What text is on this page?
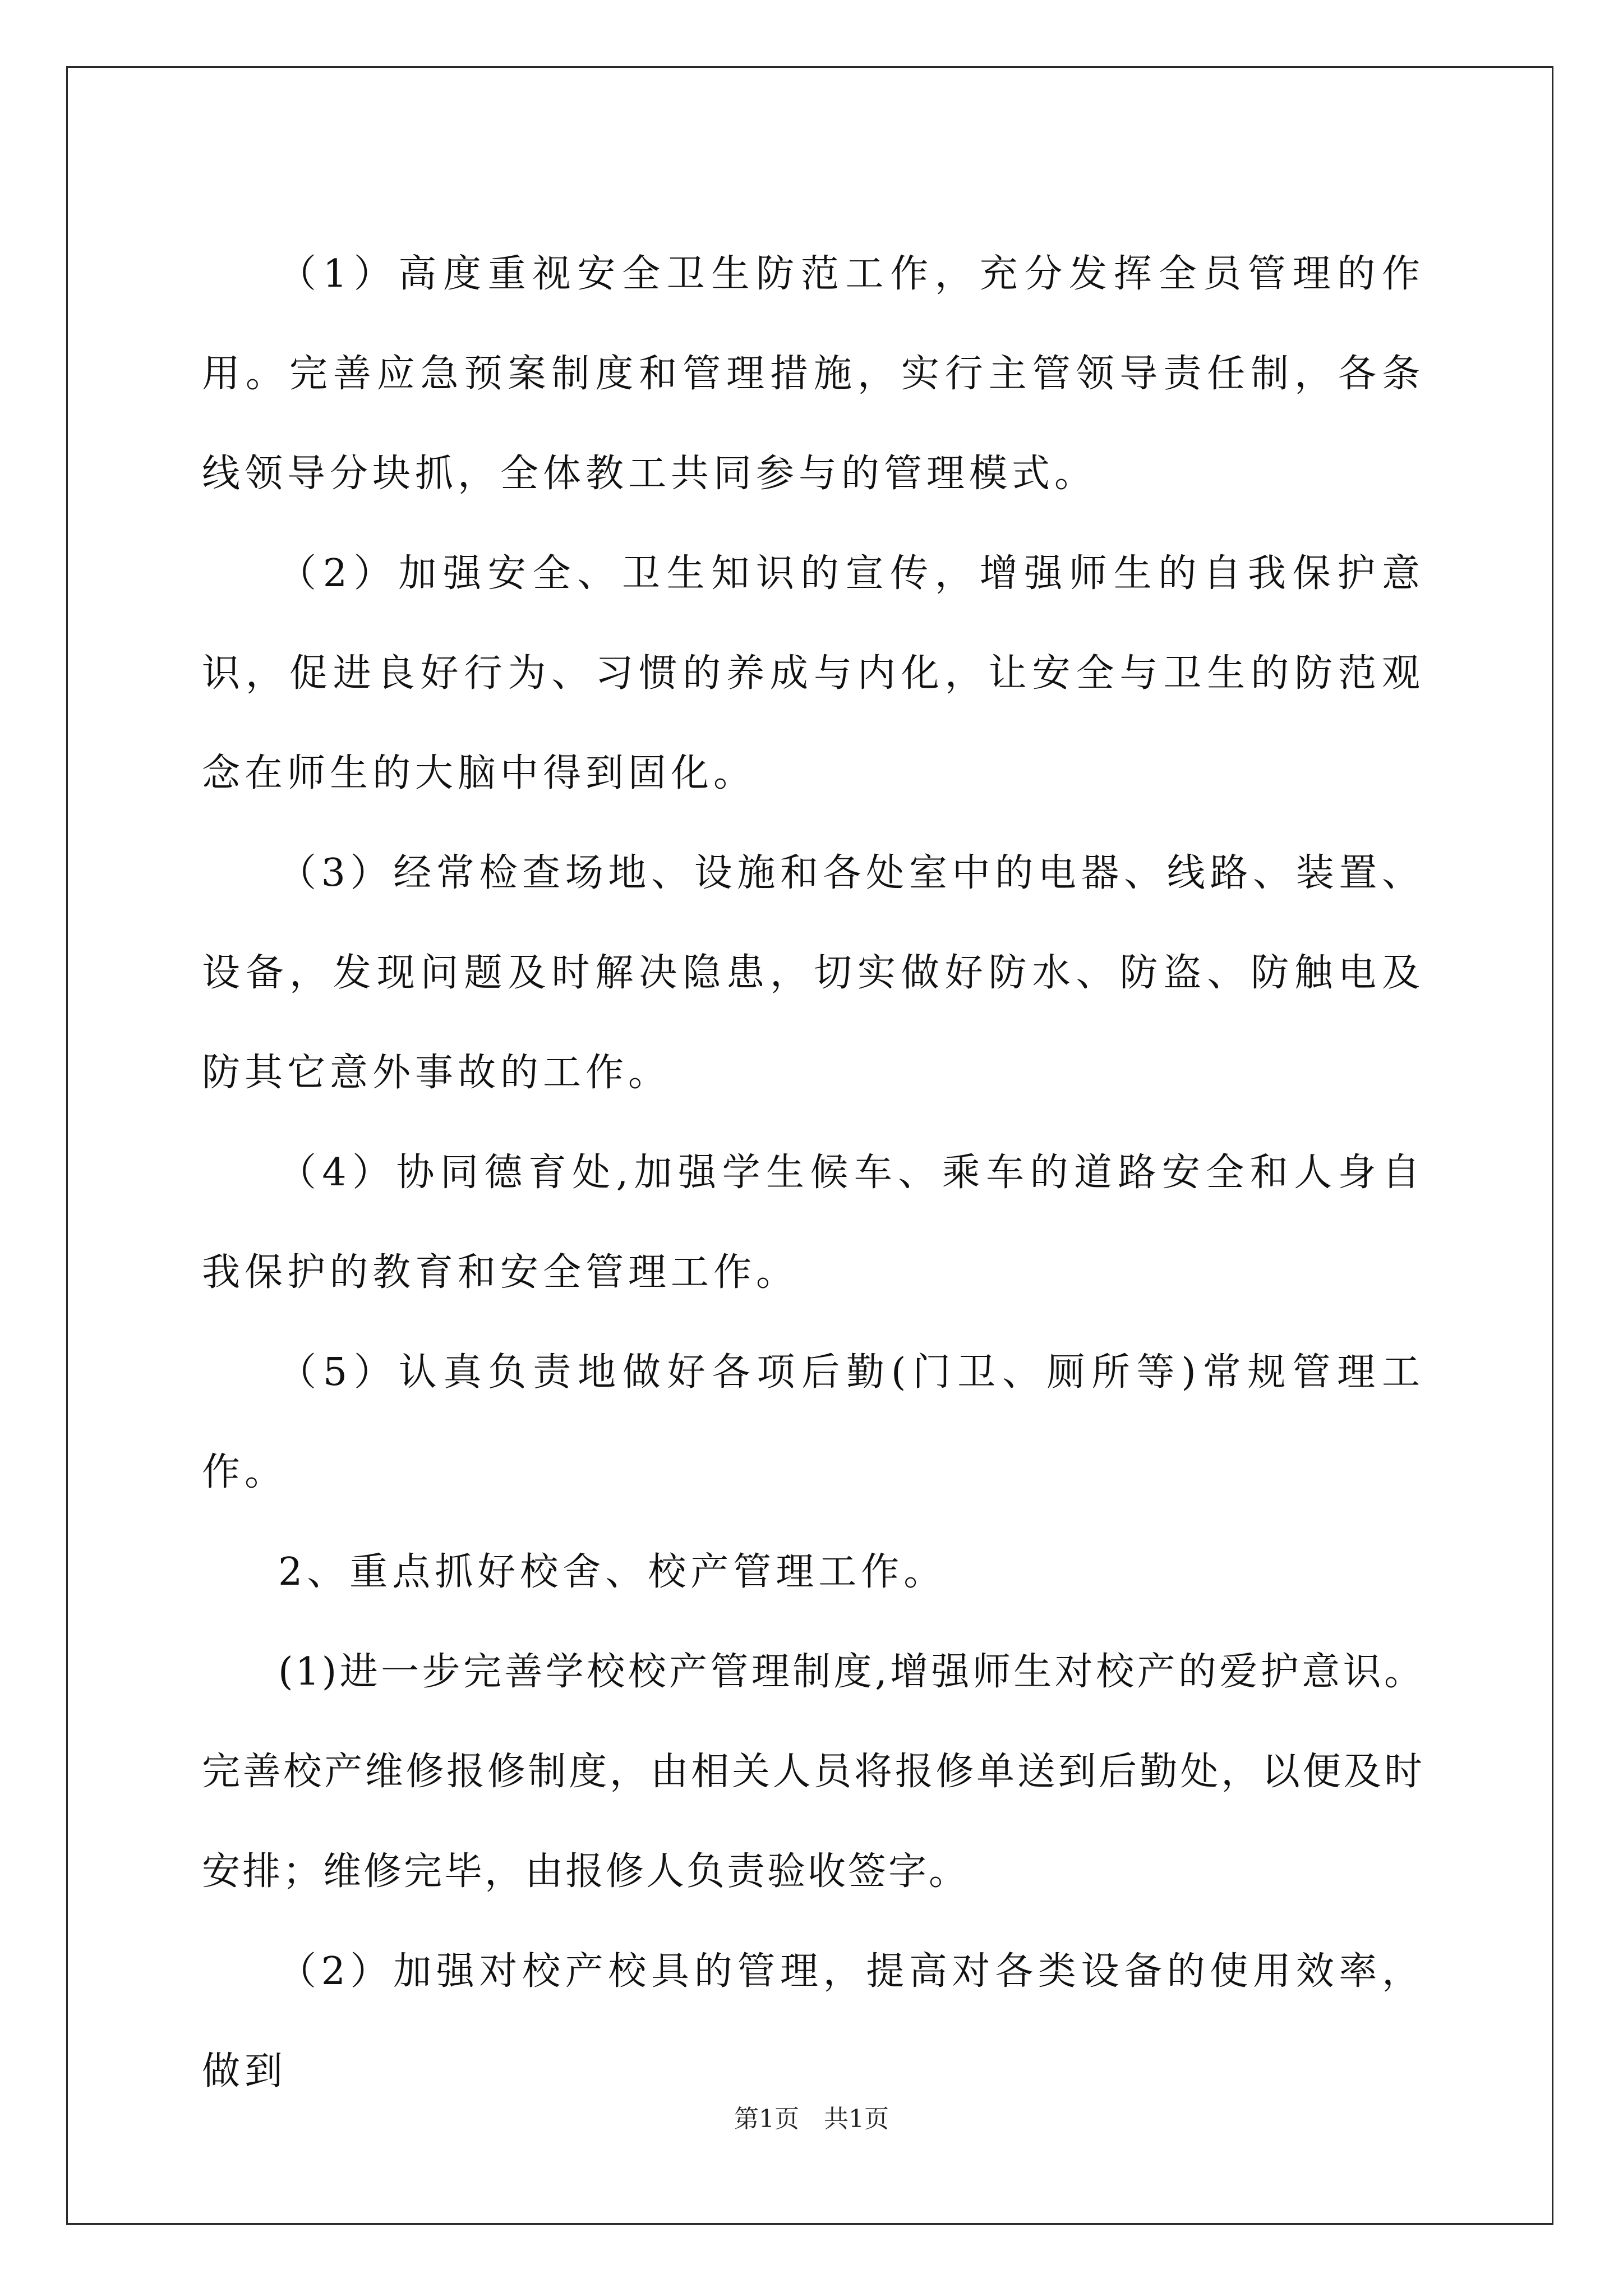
（1）高度重视安全卫生防范工作，充分发挥全员管理的作用。完善应急预案制度和管理措施，实行主管领导责任制，各条线领导分块抓，全体教工共同参与的管理模式。

（2）加强安全、卫生知识的宣传，增强师生的自我保护意识，促进良好行为、习惯的养成与内化，让安全与卫生的防范观念在师生的大脑中得到固化。

（3）经常检查场地、设施和各处室中的电器、线路、装置、设备，发现问题及时解决隐患，切实做好防水、防盗、防触电及防其它意外事故的工作。

（4）协同德育处,加强学生候车、乘车的道路安全和人身自我保护的教育和安全管理工作。

（5）认真负责地做好各项后勤(门卫、厕所等)常规管理工作。

2、重点抓好校舍、校产管理工作。

(1)进一步完善学校校产管理制度,增强师生对校产的爱护意识。完善校产维修报修制度，由相关人员将报修单送到后勤处，以便及时安排；维修完毕，由报修人负责验收签字。

（2）加强对校产校具的管理，提高对各类设备的使用效率，做到

第1页　共1页
